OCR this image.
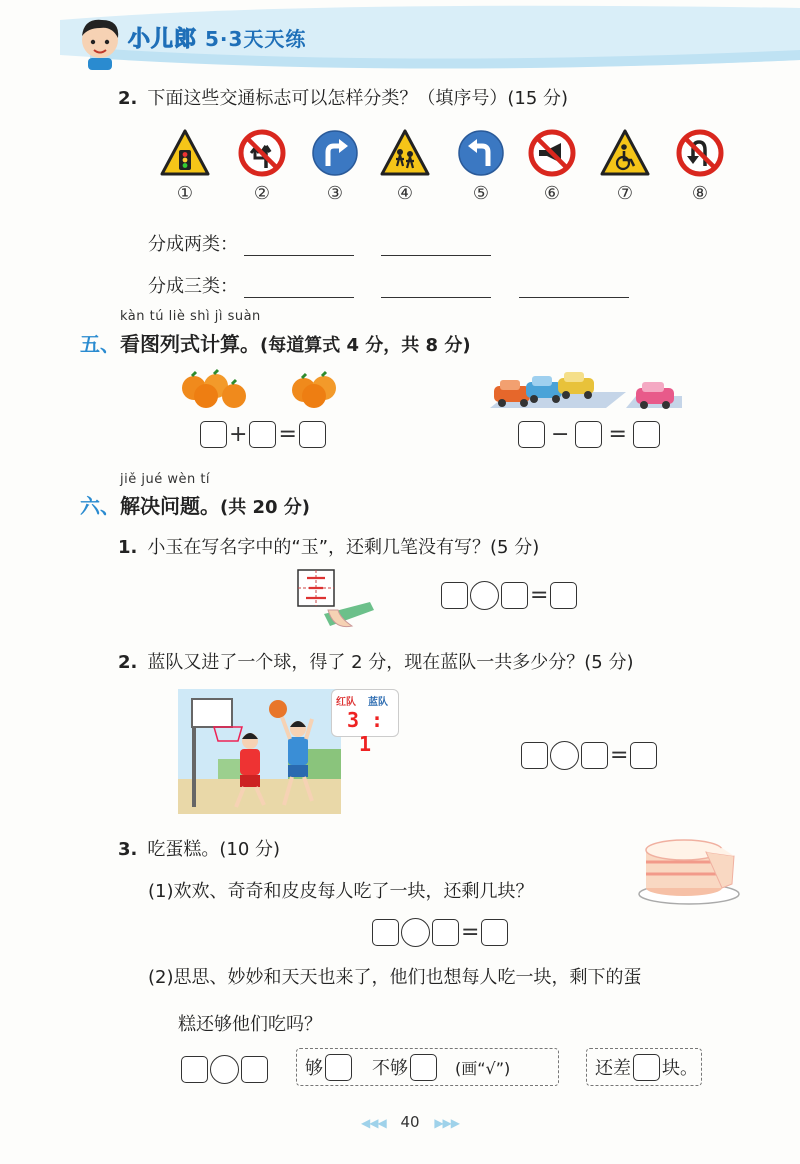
小儿郎 5·3天天练
2. 下面这些交通标志可以怎样分类？（填序号）(15 分)
①	②	③	④	⑤	⑥	⑦	⑧
分成两类：
分成三类：
kàn tú liè shì jì suàn
五、看图列式计算。(每道算式 4 分，共 8 分)
+ =	− =
jiě jué wèn tí
六、解决问题。(共 20 分)
1. 小玉在写名字中的“玉”，还剩几笔没有写？(5 分)
=
2. 蓝队又进了一个球，得了 2 分，现在蓝队一共多少分？(5 分)
红队 蓝队
3 : 1	=
3. 吃蛋糕。(10 分)
(1)欢欢、奇奇和皮皮每人吃了一块，还剩几块？
=
(2)思思、妙妙和天天也来了，他们也想每人吃一块，剩下的蛋
糕还够他们吃吗？
够	不够	(画“√”)	还差 块。
◀◀◀ 40 ▶▶▶
